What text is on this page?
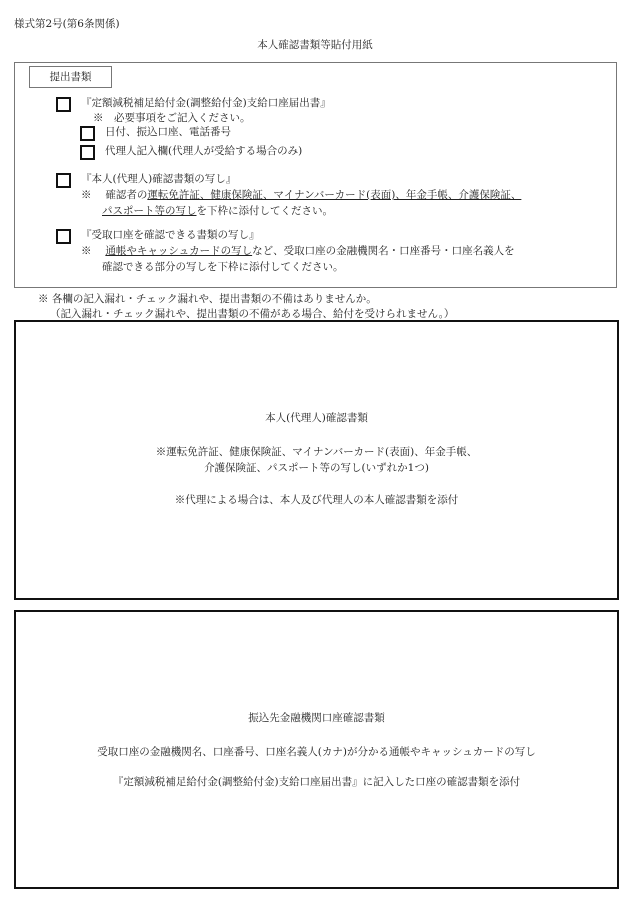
様式第2号(第6条関係)
本人確認書類等貼付用紙
提出書類
『定額減税補足給付金(調整給付金)支給口座届出書』
※　必要事項をご記入ください。
日付、振込口座、電話番号
代理人記入欄(代理人が受給する場合のみ)
『本人(代理人)確認書類の写し』
※　 確認者の運転免許証、健康保険証、マイナンバーカード(表面)、年金手帳、介護保険証、
パスポート等の写しを下枠に添付してください。
『受取口座を確認できる書類の写し』
※　 通帳やキャッシュカードの写しなど、受取口座の金融機関名・口座番号・口座名義人を
確認できる部分の写しを下枠に添付してください。
※ 各欄の記入漏れ・チェック漏れや、提出書類の不備はありませんか。
（記入漏れ・チェック漏れや、提出書類の不備がある場合、給付を受けられません。）
本人(代理人)確認書類
※運転免許証、健康保険証、マイナンバーカード(表面)、年金手帳、
介護保険証、パスポート等の写し(いずれか1つ)
※代理による場合は、本人及び代理人の本人確認書類を添付
振込先金融機関口座確認書類
受取口座の金融機関名、口座番号、口座名義人(カナ)が分かる通帳やキャッシュカードの写し
『定額減税補足給付金(調整給付金)支給口座届出書』に記入した口座の確認書類を添付
